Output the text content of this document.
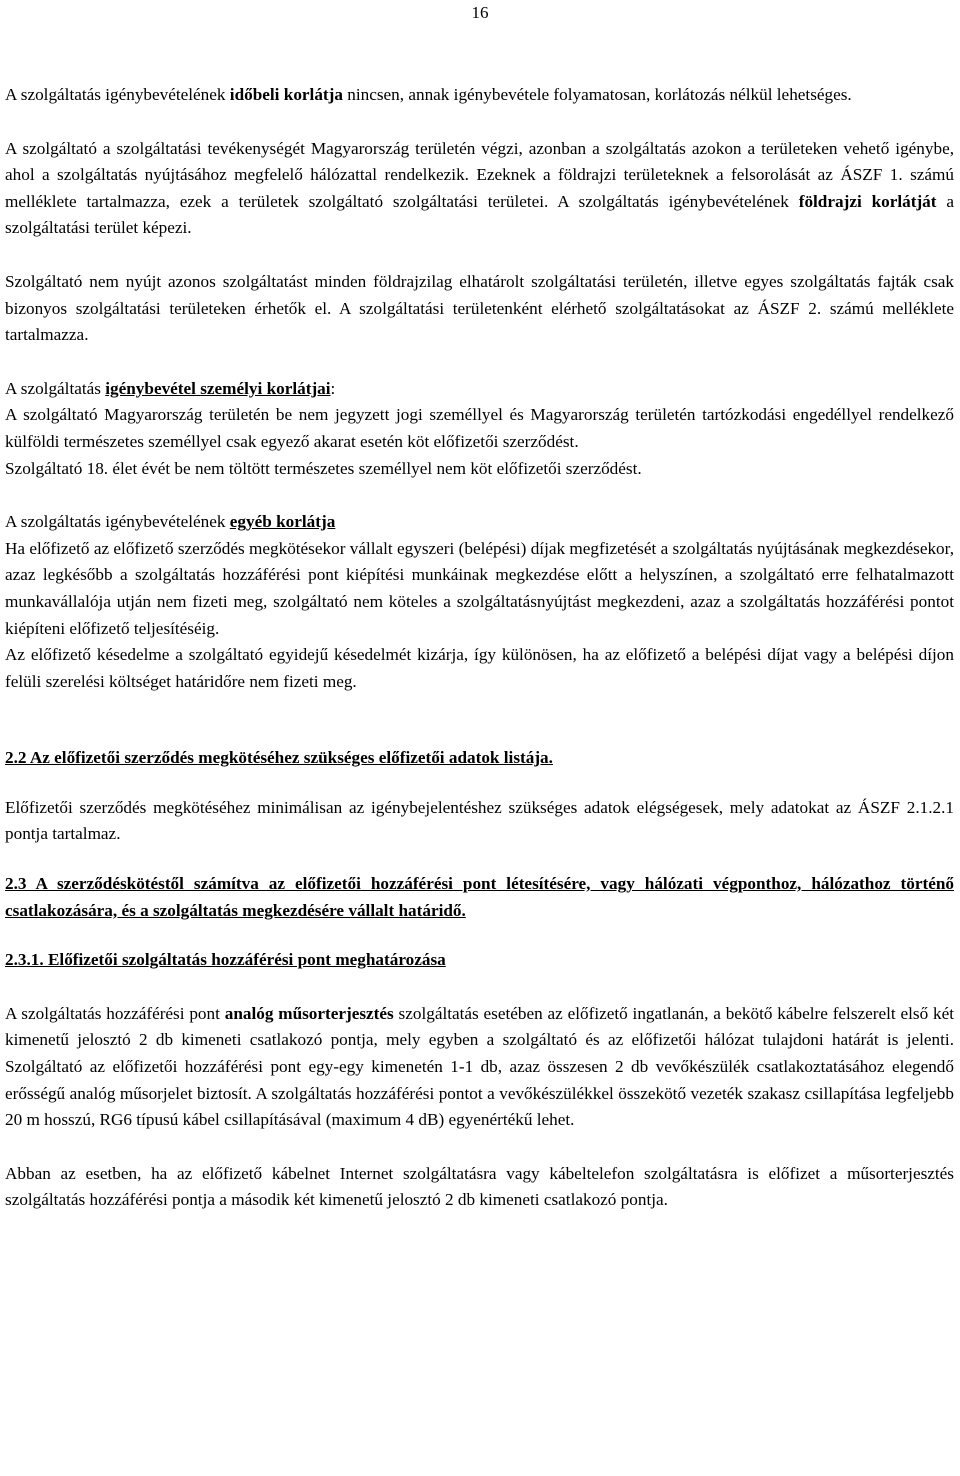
16

A szolgáltatás igénybevételének időbeli korlátja nincsen, annak igénybevétele folyamatosan, korlátozás nélkül lehetséges.

A szolgáltató a szolgáltatási tevékenységét Magyarország területén végzi, azonban a szolgáltatás azokon a területeken vehető igénybe, ahol a szolgáltatás nyújtásához megfelelő hálózattal rendelkezik. Ezeknek a földrajzi területeknek a felsorolását az ÁSZF 1. számú melléklete tartalmazza, ezek a területek szolgáltató szolgáltatási területei. A szolgáltatás igénybevételének földrajzi korlátját a szolgáltatási terület képezi.

Szolgáltató nem nyújt azonos szolgáltatást minden földrajzilag elhatárolt szolgáltatási területén, illetve egyes szolgáltatás fajták csak bizonyos szolgáltatási területeken érhetők el. A szolgáltatási területenként elérhető szolgáltatásokat az ÁSZF 2. számú melléklete tartalmazza.

A szolgáltatás igénybevétel személyi korlátjai:

A szolgáltató Magyarország területén be nem jegyzett jogi személlyel és Magyarország területén tartózkodási engedéllyel rendelkező külföldi természetes személlyel csak egyező akarat esetén köt előfizetői szerződést.

Szolgáltató 18. élet évét be nem töltött természetes személlyel nem köt előfizetői szerződést.

A szolgáltatás igénybevételének egyéb korlátja

Ha előfizető az előfizető szerződés megkötésekor vállalt egyszeri (belépési) díjak megfizetését a szolgáltatás nyújtásának megkezdésekor, azaz legkésőbb a szolgáltatás hozzáférési pont kiépítési munkáinak megkezdése előtt a helyszínen, a szolgáltató erre felhatalmazott munkavállalója utján nem fizeti meg, szolgáltató nem köteles a szolgáltatásnyújtást megkezdeni, azaz a szolgáltatás hozzáférési pontot kiépíteni előfizető teljesítéséig.

Az előfizető késedelme a szolgáltató egyidejű késedelmét kizárja, így különösen, ha az előfizető a belépési díjat vagy a belépési díjon felüli szerelési költséget határidőre nem fizeti meg.

2.2 Az előfizetői szerződés megkötéséhez szükséges előfizetői adatok listája.

Előfizetői szerződés megkötéséhez minimálisan az igénybejelentéshez szükséges adatok elégségesek, mely adatokat az ÁSZF 2.1.2.1 pontja tartalmaz.

2.3 A szerződéskötéstől számítva az előfizetői hozzáférési pont létesítésére, vagy hálózati végponthoz, hálózathoz történő csatlakozására, és a szolgáltatás megkezdésére vállalt határidő.

2.3.1. Előfizetői szolgáltatás hozzáférési pont meghatározása

A szolgáltatás hozzáférési pont analóg műsorterjesztés szolgáltatás esetében az előfizető ingatlanán, a bekötő kábelre felszerelt első két kimenetű jelosztó 2 db kimeneti csatlakozó pontja, mely egyben a szolgáltató és az előfizetői hálózat tulajdoni határát is jelenti. Szolgáltató az előfizetői hozzáférési pont egy-egy kimenetén 1-1 db, azaz összesen 2 db vevőkészülék csatlakoztatásához elegendő erősségű analóg műsorjelet biztosít. A szolgáltatás hozzáférési pontot a vevőkészülékkel összekötő vezeték szakasz csillapítása legfeljebb 20 m hosszú, RG6 típusú kábel csillapításával (maximum 4 dB) egyenértékű lehet.

Abban az esetben, ha az előfizető kábelnet Internet szolgáltatásra vagy kábeltelefon szolgáltatásra is előfizet a műsorterjesztés szolgáltatás hozzáférési pontja a második két kimenetű jelosztó 2 db kimeneti csatlakozó pontja.
